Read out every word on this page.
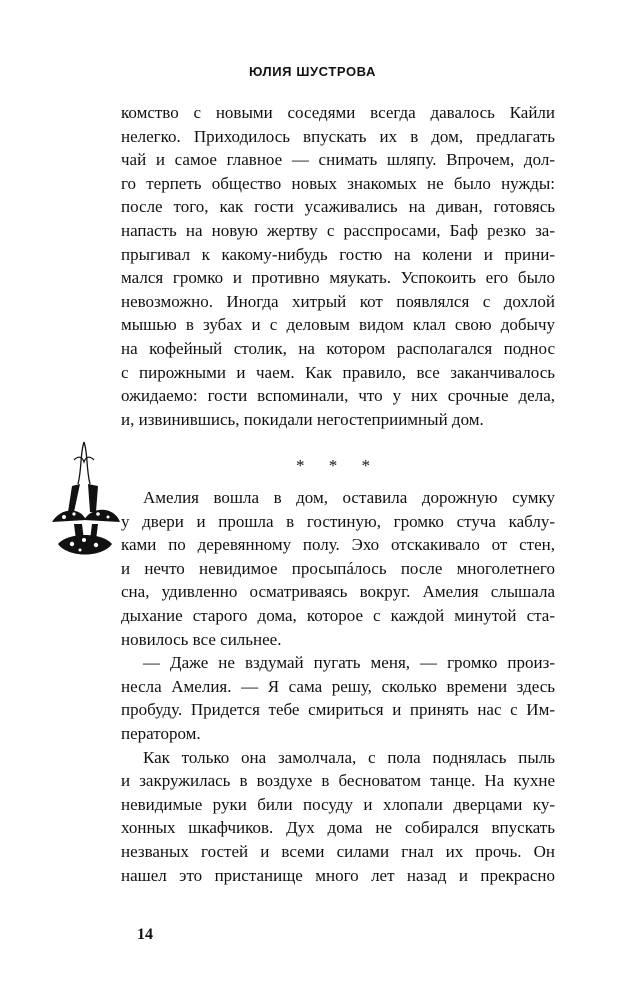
ЮЛИЯ ШУСТРОВА
комство с новыми соседями всегда давалось Кайли
нелегко. Приходилось впускать их в дом, предлагать
чай и самое главное — снимать шляпу. Впрочем, дол-
го терпеть общество новых знакомых не было нужды:
после того, как гости усаживались на диван, готовясь
напасть на новую жертву с расспросами, Баф резко за-
прыгивал к какому-нибудь гостю на колени и прини-
мался громко и противно мяукать. Успокоить его было
невозможно. Иногда хитрый кот появлялся с дохлой
мышью в зубах и с деловым видом клал свою добычу
на кофейный столик, на котором располагался поднос
с пирожными и чаем. Как правило, все заканчивалось
ожидаемо: гости вспоминали, что у них срочные дела,
и, извинившись, покидали негостеприимный дом.
* * *
Амелия вошла в дом, оставила дорожную сумку
у двери и прошла в гостиную, громко стуча каблу-
ками по деревянному полу. Эхо отскакивало от стен,
и нечто невидимое просыпáлось после многолетнего
сна, удивленно осматриваясь вокруг. Амелия слышала
дыхание старого дома, которое с каждой минутой ста-
новилось все сильнее.
— Даже не вздумай пугать меня, — громко произ-
несла Амелия. — Я сама решу, сколько времени здесь
пробуду. Придется тебе смириться и принять нас с Им-
ператором.
Как только она замолчала, с пола поднялась пыль
и закружилась в воздухе в бесноватом танце. На кухне
невидимые руки били посуду и хлопали дверцами ку-
хонных шкафчиков. Дух дома не собирался впускать
незваных гостей и всеми силами гнал их прочь. Он
нашел это пристанище много лет назад и прекрасно
14
